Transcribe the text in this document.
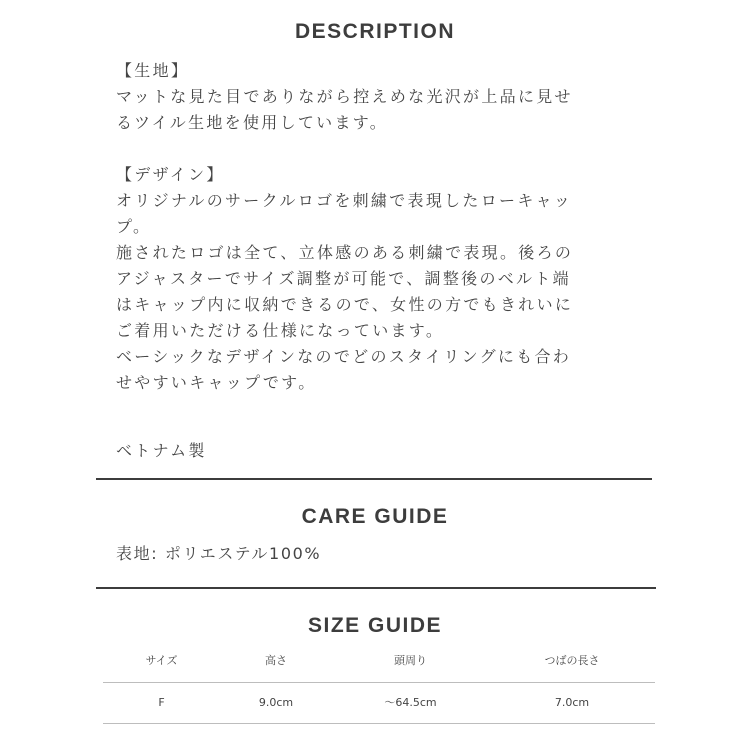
DESCRIPTION
【生地】
マットな見た目でありながら控えめな光沢が上品に見せ
るツイル生地を使用しています。
【デザイン】
オリジナルのサークルロゴを刺繍で表現したローキャッ
プ。
施されたロゴは全て、立体感のある刺繍で表現。後ろの
アジャスターでサイズ調整が可能で、調整後のベルト端
はキャップ内に収納できるので、女性の方でもきれいに
ご着用いただける仕様になっています。
ベーシックなデザインなのでどのスタイリングにも合わ
せやすいキャップです。
ベトナム製
CARE GUIDE
表地: ポリエステル100%
SIZE GUIDE
サイズ	高さ	頭周り	つばの長さ
F	9.0cm	〜64.5cm	7.0cm
